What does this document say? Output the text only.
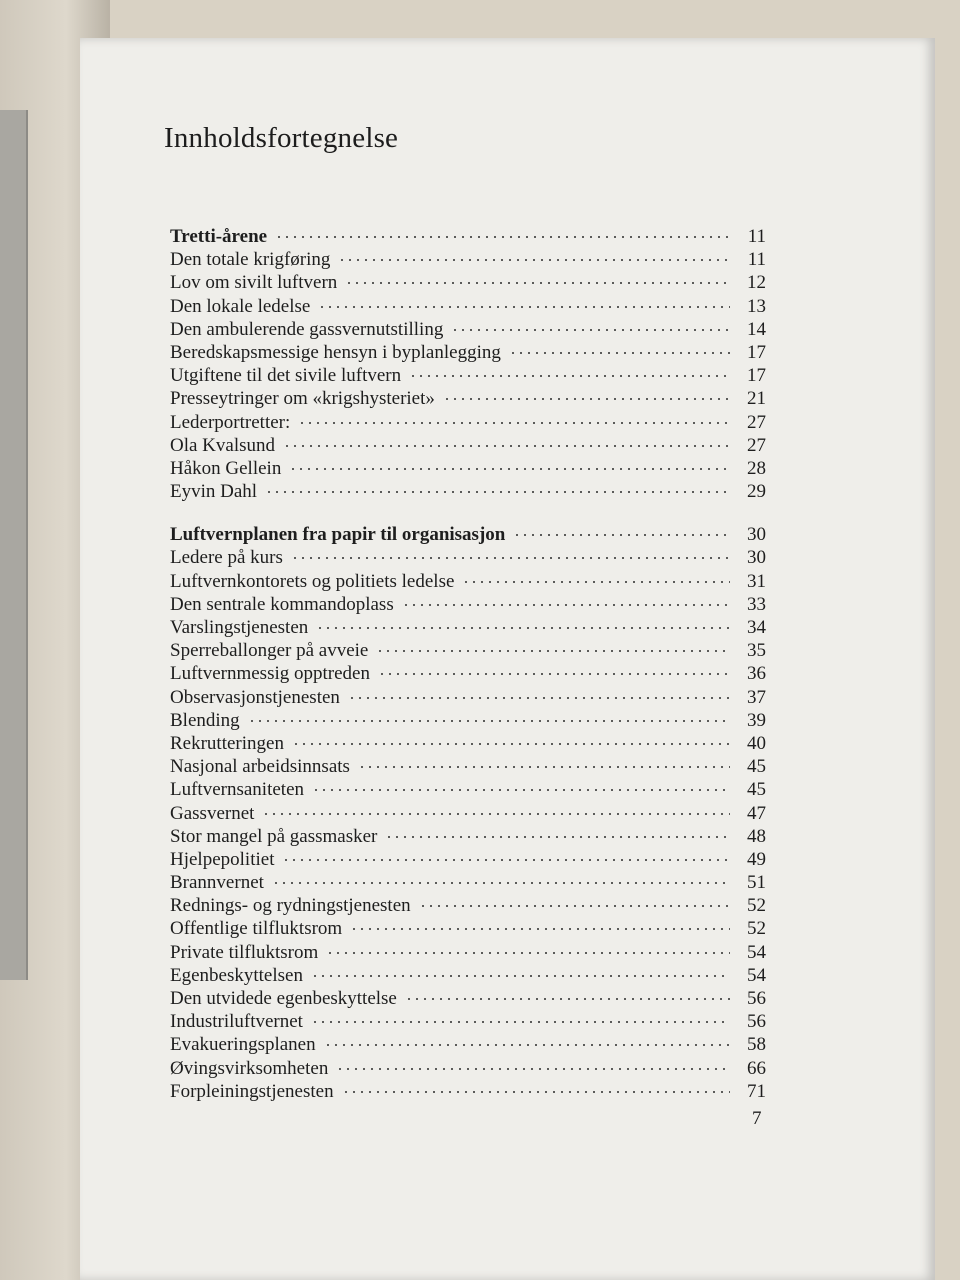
Innholdsfortegnelse
Tretti-årene	11
Den totale krigføring	11
Lov om sivilt luftvern	12
Den lokale ledelse	13
Den ambulerende gassvernutstilling	14
Beredskapsmessige hensyn i byplanlegging	17
Utgiftene til det sivile luftvern	17
Presseytringer om «krigshysteriet»	21
Lederportretter:	27
Ola Kvalsund	27
Håkon Gellein	28
Eyvin Dahl	29
Luftvernplanen fra papir til organisasjon	30
Ledere på kurs	30
Luftvernkontorets og politiets ledelse	31
Den sentrale kommandoplass	33
Varslingstjenesten	34
Sperreballonger på avveie	35
Luftvernmessig opptreden	36
Observasjonstjenesten	37
Blending	39
Rekrutteringen	40
Nasjonal arbeidsinnsats	45
Luftvernsaniteten	45
Gassvernet	47
Stor mangel på gassmasker	48
Hjelpepolitiet	49
Brannvernet	51
Rednings- og rydningstjenesten	52
Offentlige tilfluktsrom	52
Private tilfluktsrom	54
Egenbeskyttelsen	54
Den utvidede egenbeskyttelse	56
Industriluftvernet	56
Evakueringsplanen	58
Øvingsvirksomheten	66
Forpleiningstjenesten	71
7
